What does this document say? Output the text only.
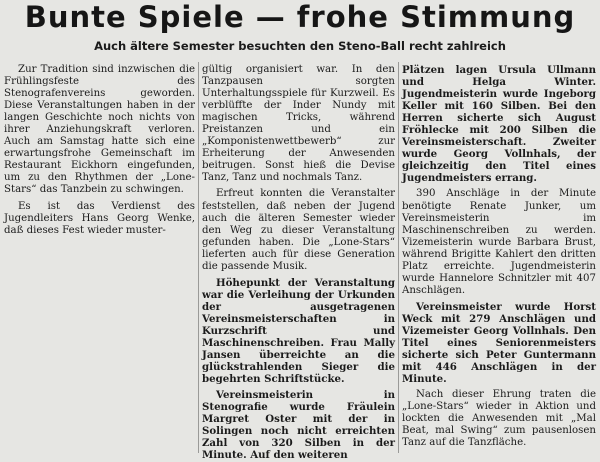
Bunte Spiele — frohe Stimmung
Auch ältere Semester besuchten den Steno-Ball recht zahlreich

Zur Tradition sind inzwischen die Frühlingsfeste des Stenografenvereins geworden. Diese Veranstaltungen haben in der langen Geschichte noch nichts von ihrer Anziehungskraft verloren. Auch am Samstag hatte sich eine erwartungsfrohe Gemeinschaft im Restaurant Eickhorn eingefunden, um zu den Rhythmen der „Lone-Stars“ das Tanzbein zu schwingen.

Es ist das Verdienst des Jugendleiters Hans Georg Wenke, daß dieses Fest wieder muster-

gültig organisiert war. In den Tanzpausen sorgten Unterhaltungsspiele für Kurzweil. Es verblüffte der Inder Nundy mit magischen Tricks, während Preistanzen und ein „Komponistenwettbewerb“ zur Erheiterung der Anwesenden beitrugen. Sonst hieß die Devise Tanz, Tanz und nochmals Tanz.

Erfreut konnten die Veranstalter feststellen, daß neben der Jugend auch die älteren Semester wieder den Weg zu dieser Veranstaltung gefunden haben. Die „Lone-Stars“ lieferten auch für diese Generation die passende Musik.

Höhepunkt der Veranstaltung war die Verleihung der Urkunden der ausgetragenen Vereinsmeisterschaften in Kurzschrift und Maschinenschreiben. Frau Mally Jansen überreichte an die glückstrahlenden Sieger die begehrten Schriftstücke.

Vereinsmeisterin in Stenografie wurde Fräulein Margret Oster mit der in Solingen noch nicht erreichten Zahl von 320 Silben in der Minute. Auf den weiteren

Plätzen lagen Ursula Ullmann und Helga Winter. Jugendmeisterin wurde Ingeborg Keller mit 160 Silben. Bei den Herren sicherte sich August Fröhlecke mit 200 Silben die Vereinsmeisterschaft. Zweiter wurde Georg Vollnhals, der gleichzeitig den Titel eines Jugendmeisters errang.

390 Anschläge in der Minute benötigte Renate Junker, um Vereinsmeisterin im Maschinenschreiben zu werden. Vizemeisterin wurde Barbara Brust, während Brigitte Kahlert den dritten Platz erreichte. Jugendmeisterin wurde Hannelore Schnitzler mit 407 Anschlägen.

Vereinsmeister wurde Horst Weck mit 279 Anschlägen und Vizemeister Georg Vollnhals. Den Titel eines Seniorenmeisters sicherte sich Peter Guntermann mit 446 Anschlägen in der Minute.

Nach dieser Ehrung traten die „Lone-Stars“ wieder in Aktion und lockten die Anwesenden mit „Mal Beat, mal Swing“ zum pausenlosen Tanz auf die Tanzfläche.
